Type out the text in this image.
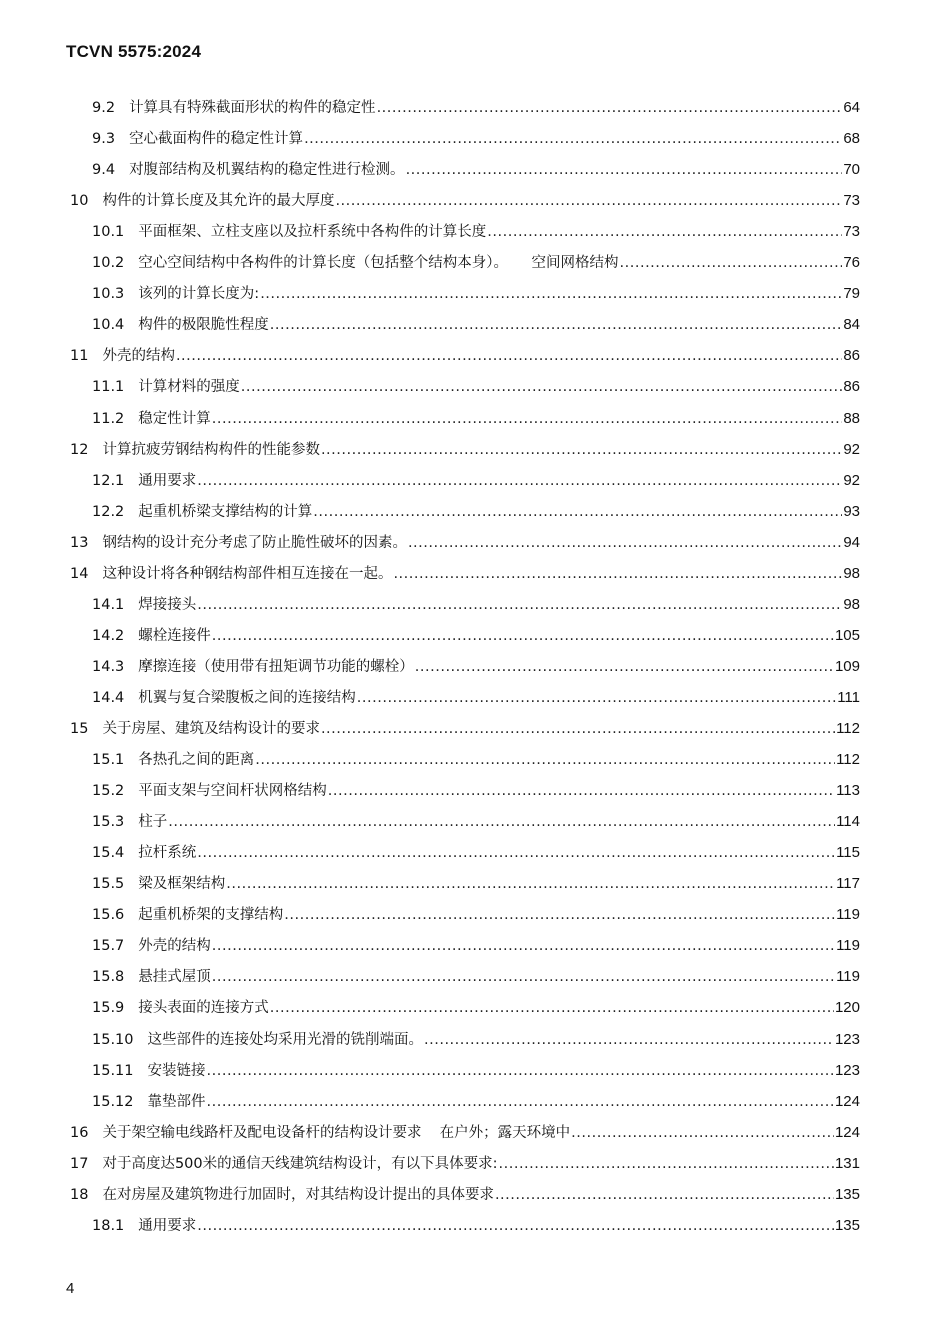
TCVN 5575:2024
9.2 计算具有特殊截面形状的构件的稳定性 .....	64
9.3 空心截面构件的稳定性计算 .....	68
9.4 对腹部结构及机翼结构的稳定性进行检测。 .....	70
10 构件的计算长度及其允许的最大厚度 .....	73
10.1 平面框架、立柱支座以及拉杆系统中各构件的计算长度 .....	73
10.2 空心空间结构中各构件的计算长度（包括整个结构本身）。 空间网格结构 .....	76
10.3 该列的计算长度为: .....	79
10.4 构件的极限脆性程度 .....	84
11 外壳的结构 .....	86
11.1 计算材料的强度 .....	86
11.2 稳定性计算 .....	88
12 计算抗疲劳钢结构构件的性能参数 .....	92
12.1 通用要求 .....	92
12.2 起重机桥梁支撑结构的计算 .....	93
13 钢结构的设计充分考虑了防止脆性破坏的因素。 .....	94
14 这种设计将各种钢结构部件相互连接在一起。 .....	98
14.1 焊接接头 .....	98
14.2 螺栓连接件 .....	105
14.3 摩擦连接（使用带有扭矩调节功能的螺栓） .....	109
14.4 机翼与复合梁腹板之间的连接结构 .....	111
15 关于房屋、建筑及结构设计的要求 .....	112
15.1 各热孔之间的距离 .....	112
15.2 平面支架与空间杆状网格结构 .....	113
15.3 柱子 .....	114
15.4 拉杆系统 .....	115
15.5 梁及框架结构 .....	117
15.6 起重机桥架的支撑结构 .....	119
15.7 外壳的结构 .....	119
15.8 悬挂式屋顶 .....	119
15.9 接头表面的连接方式 .....	120
15.10 这些部件的连接处均采用光滑的铣削端面。 .....	123
15.11 安装链接 .....	123
15.12 靠垫部件 .....	124
16 关于架空输电线路杆及配电设备杆的结构设计要求 在户外；露天环境中 .....	124
17 对于高度达500米的通信天线建筑结构设计，有以下具体要求: .....	131
18 在对房屋及建筑物进行加固时，对其结构设计提出的具体要求 .....	135
18.1 通用要求 .....	135
4
